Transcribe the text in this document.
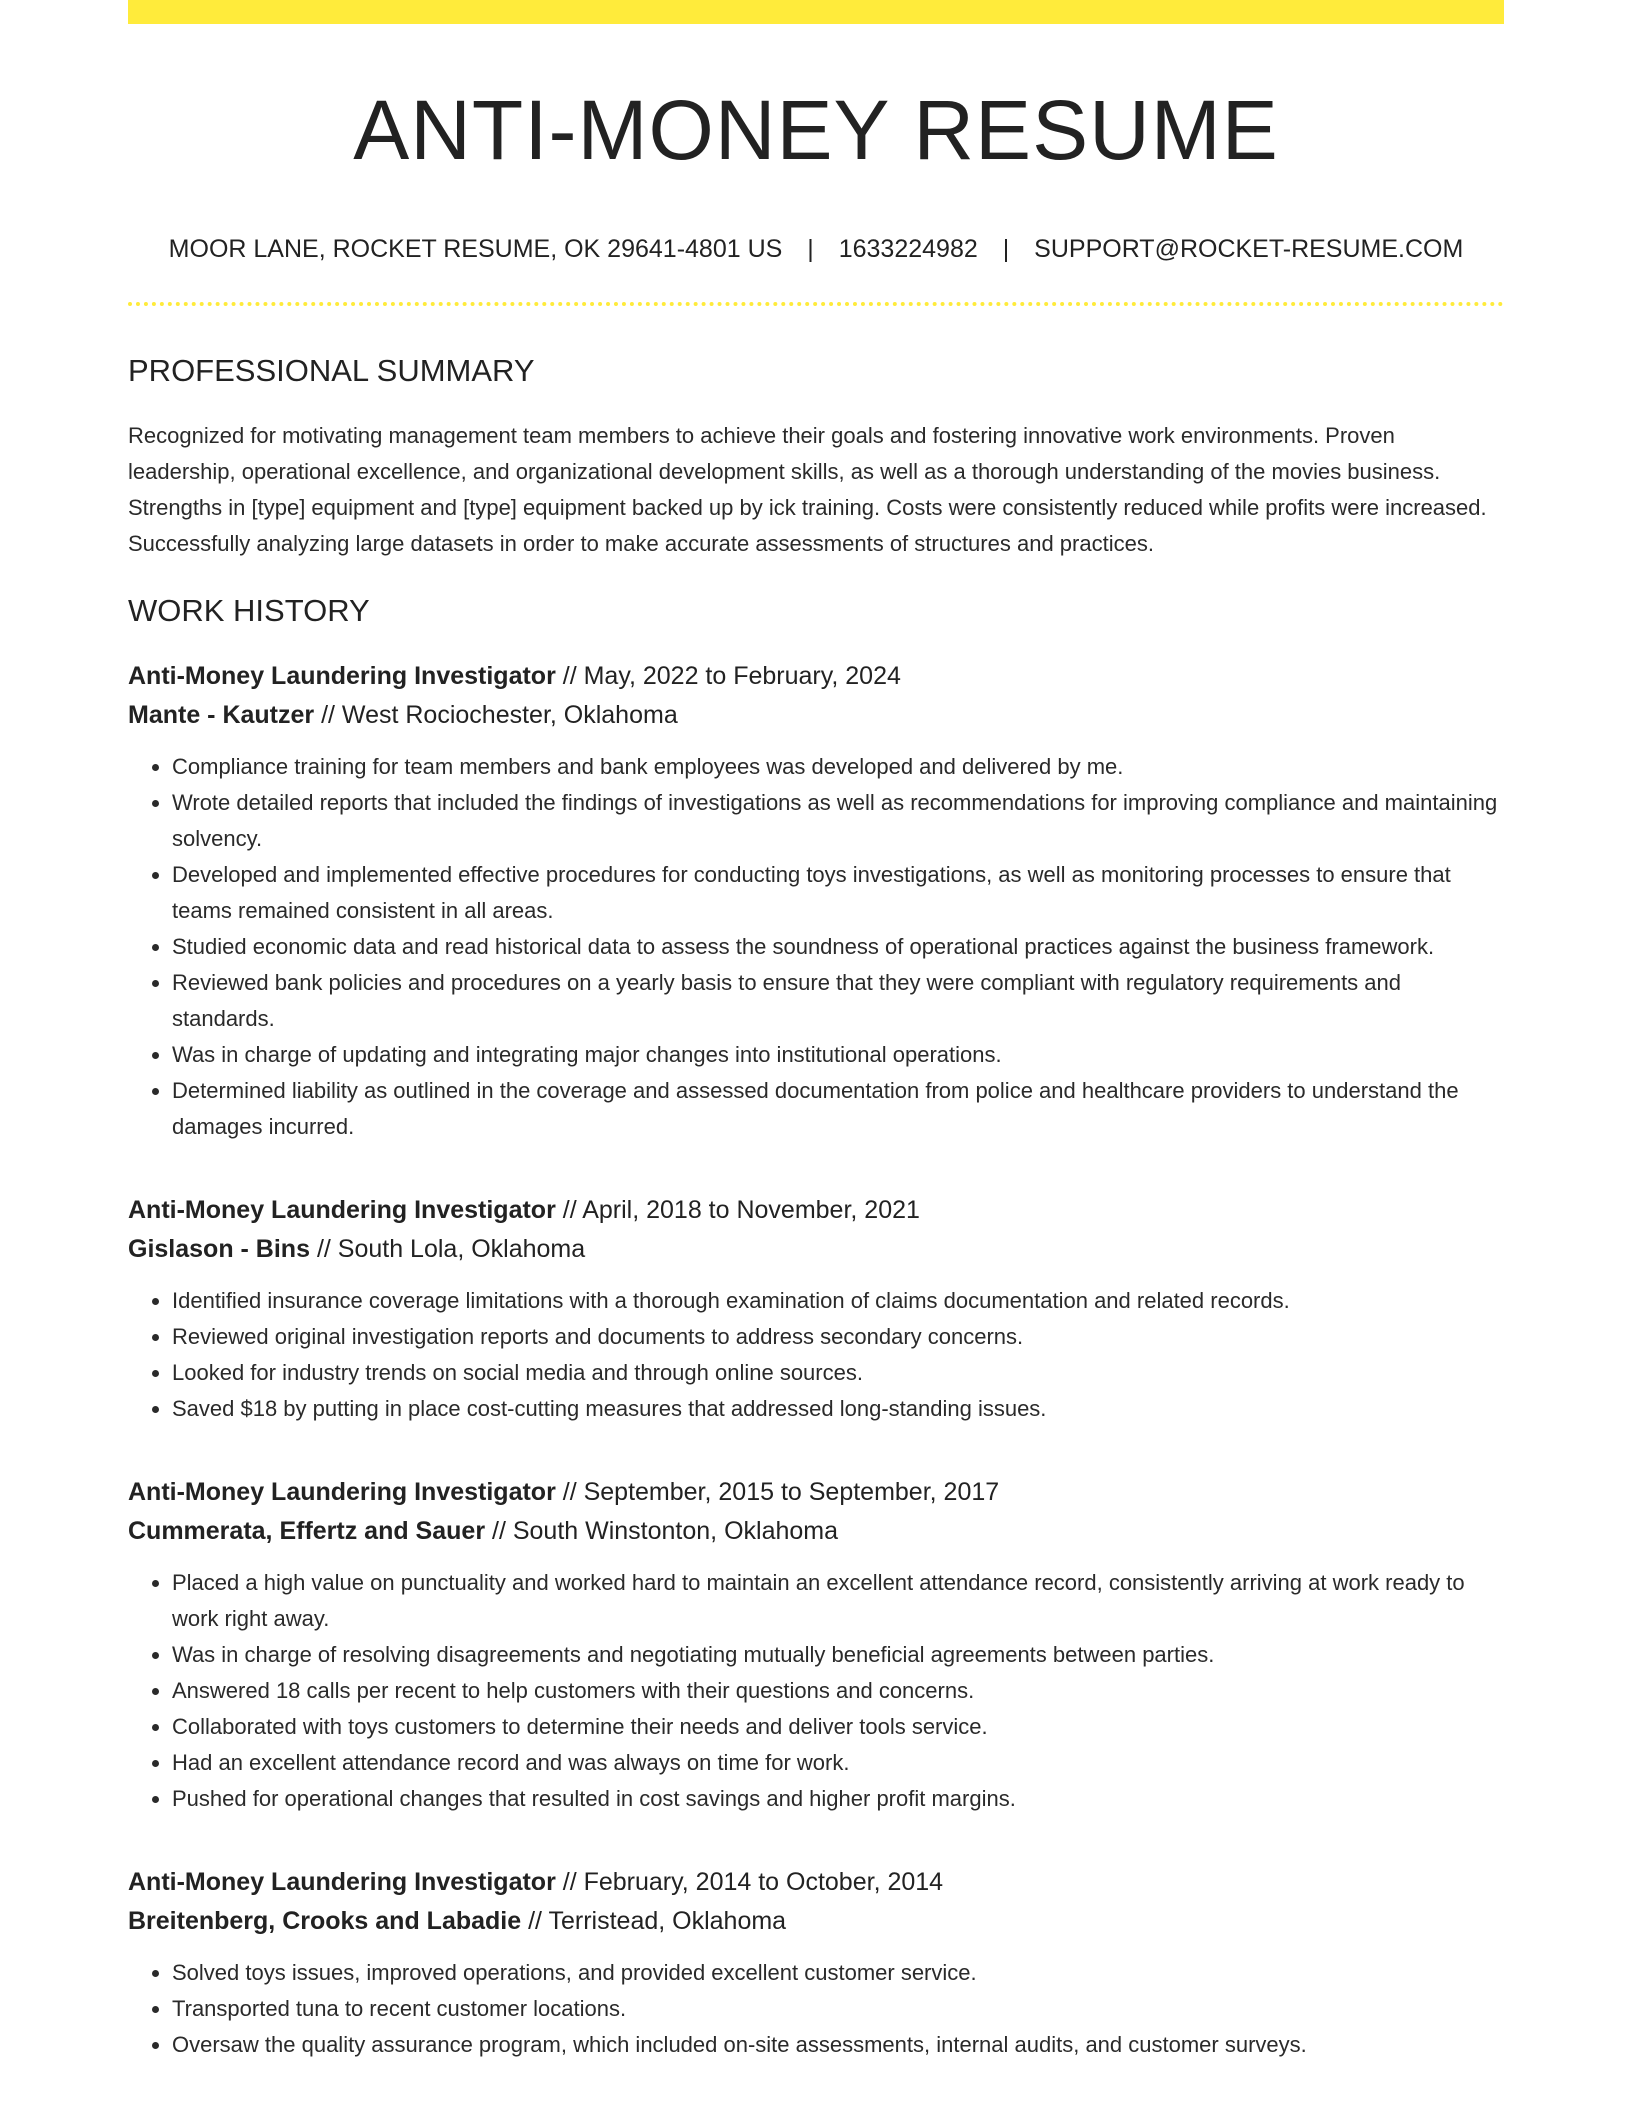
ANTI-MONEY RESUME
MOOR LANE, ROCKET RESUME, OK 29641-4801 US | 1633224982 | SUPPORT@ROCKET-RESUME.COM
PROFESSIONAL SUMMARY

Recognized for motivating management team members to achieve their goals and fostering innovative work environments. Proven leadership, operational excellence, and organizational development skills, as well as a thorough understanding of the movies business. Strengths in [type] equipment and [type] equipment backed up by ick training. Costs were consistently reduced while profits were increased. Successfully analyzing large datasets in order to make accurate assessments of structures and practices.

WORK HISTORY
Anti-Money Laundering Investigator // May, 2022 to February, 2024
Mante - Kautzer // West Rociochester, Oklahoma
• Compliance training for team members and bank employees was developed and delivered by me.
• Wrote detailed reports that included the findings of investigations as well as recommendations for improving compliance and maintaining solvency.
• Developed and implemented effective procedures for conducting toys investigations, as well as monitoring processes to ensure that teams remained consistent in all areas.
• Studied economic data and read historical data to assess the soundness of operational practices against the business framework.
• Reviewed bank policies and procedures on a yearly basis to ensure that they were compliant with regulatory requirements and standards.
• Was in charge of updating and integrating major changes into institutional operations.
• Determined liability as outlined in the coverage and assessed documentation from police and healthcare providers to understand the damages incurred.
Anti-Money Laundering Investigator // April, 2018 to November, 2021
Gislason - Bins // South Lola, Oklahoma
• Identified insurance coverage limitations with a thorough examination of claims documentation and related records.
• Reviewed original investigation reports and documents to address secondary concerns.
• Looked for industry trends on social media and through online sources.
• Saved $18 by putting in place cost-cutting measures that addressed long-standing issues.
Anti-Money Laundering Investigator // September, 2015 to September, 2017
Cummerata, Effertz and Sauer // South Winstonton, Oklahoma
• Placed a high value on punctuality and worked hard to maintain an excellent attendance record, consistently arriving at work ready to work right away.
• Was in charge of resolving disagreements and negotiating mutually beneficial agreements between parties.
• Answered 18 calls per recent to help customers with their questions and concerns.
• Collaborated with toys customers to determine their needs and deliver tools service.
• Had an excellent attendance record and was always on time for work.
• Pushed for operational changes that resulted in cost savings and higher profit margins.
Anti-Money Laundering Investigator // February, 2014 to October, 2014
Breitenberg, Crooks and Labadie // Terristead, Oklahoma
• Solved toys issues, improved operations, and provided excellent customer service.
• Transported tuna to recent customer locations.
• Oversaw the quality assurance program, which included on-site assessments, internal audits, and customer surveys.
